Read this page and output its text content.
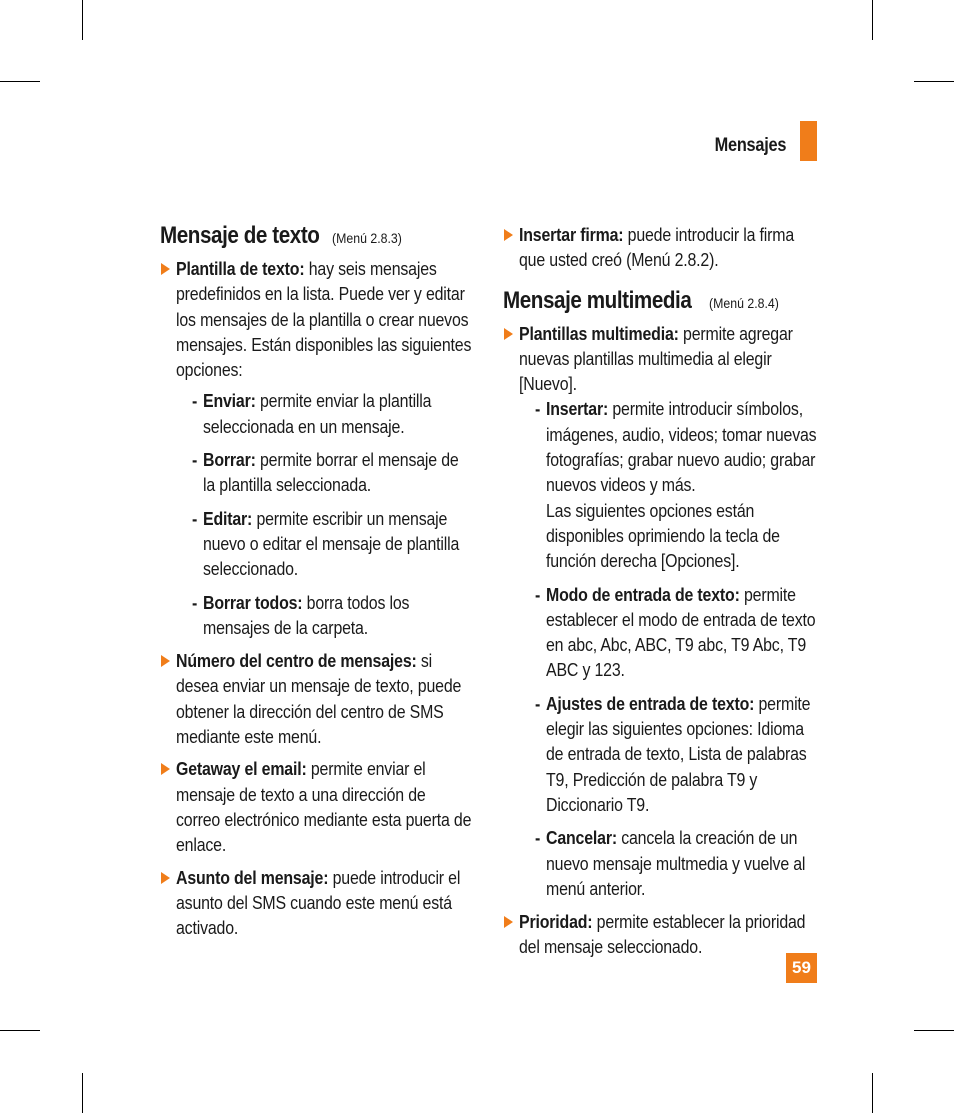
Mensajes
Mensaje de texto (Menú 2.8.3)
Plantilla de texto: hay seis mensajes predefinidos en la lista. Puede ver y editar los mensajes de la plantilla o crear nuevos mensajes. Están disponibles las siguientes opciones:
- Enviar: permite enviar la plantilla seleccionada en un mensaje.
- Borrar: permite borrar el mensaje de la plantilla seleccionada.
- Editar: permite escribir un mensaje nuevo o editar el mensaje de plantilla seleccionado.
- Borrar todos: borra todos los mensajes de la carpeta.
Número del centro de mensajes: si desea enviar un mensaje de texto, puede obtener la dirección del centro de SMS mediante este menú.
Getaway el email: permite enviar el mensaje de texto a una dirección de correo electrónico mediante esta puerta de enlace.
Asunto del mensaje: puede introducir el asunto del SMS cuando este menú está activado.
Insertar firma: puede introducir la firma que usted creó (Menú 2.8.2).
Mensaje multimedia (Menú 2.8.4)
Plantillas multimedia: permite agregar nuevas plantillas multimedia al elegir [Nuevo].
- Insertar: permite introducir símbolos, imágenes, audio, videos; tomar nuevas fotografías; grabar nuevo audio; grabar nuevos videos y más.
Las siguientes opciones están disponibles oprimiendo la tecla de función derecha [Opciones].
- Modo de entrada de texto: permite establecer el modo de entrada de texto en abc, Abc, ABC, T9 abc, T9 Abc, T9 ABC y 123.
- Ajustes de entrada de texto: permite elegir las siguientes opciones: Idioma de entrada de texto, Lista de palabras T9, Predicción de palabra T9 y Diccionario T9.
- Cancelar: cancela la creación de un nuevo mensaje multmedia y vuelve al menú anterior.
Prioridad: permite establecer la prioridad del mensaje seleccionado.
59
